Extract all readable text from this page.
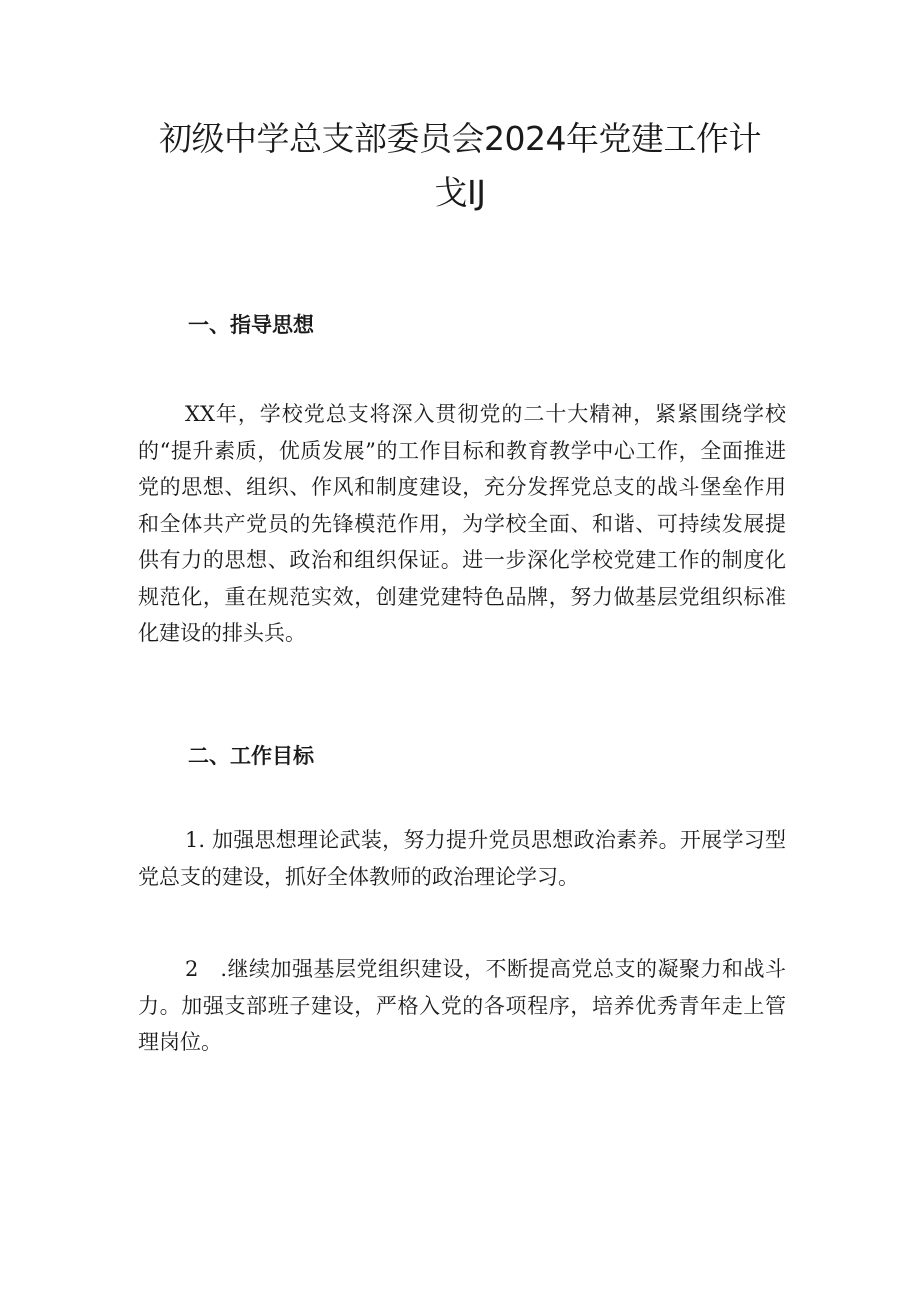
初级中学总支部委员会2024年党建工作计
戈IJ
一、指导思想

XX年，学校党总支将深入贯彻党的二十大精神，紧紧围绕学校的“提升素质，优质发展”的工作目标和教育教学中心工作，全面推进党的思想、组织、作风和制度建设，充分发挥党总支的战斗堡垒作用和全体共产党员的先锋模范作用，为学校全面、和谐、可持续发展提供有力的思想、政治和组织保证。进一步深化学校党建工作的制度化规范化，重在规范实效，创建党建特色品牌，努力做基层党组织标准化建设的排头兵。

二、工作目标

1. 加强思想理论武装，努力提升党员思想政治素养。开展学习型党总支的建设，抓好全体教师的政治理论学习。

2　.继续加强基层党组织建设，不断提高党总支的凝聚力和战斗力。加强支部班子建设，严格入党的各项程序，培养优秀青年走上管理岗位。
